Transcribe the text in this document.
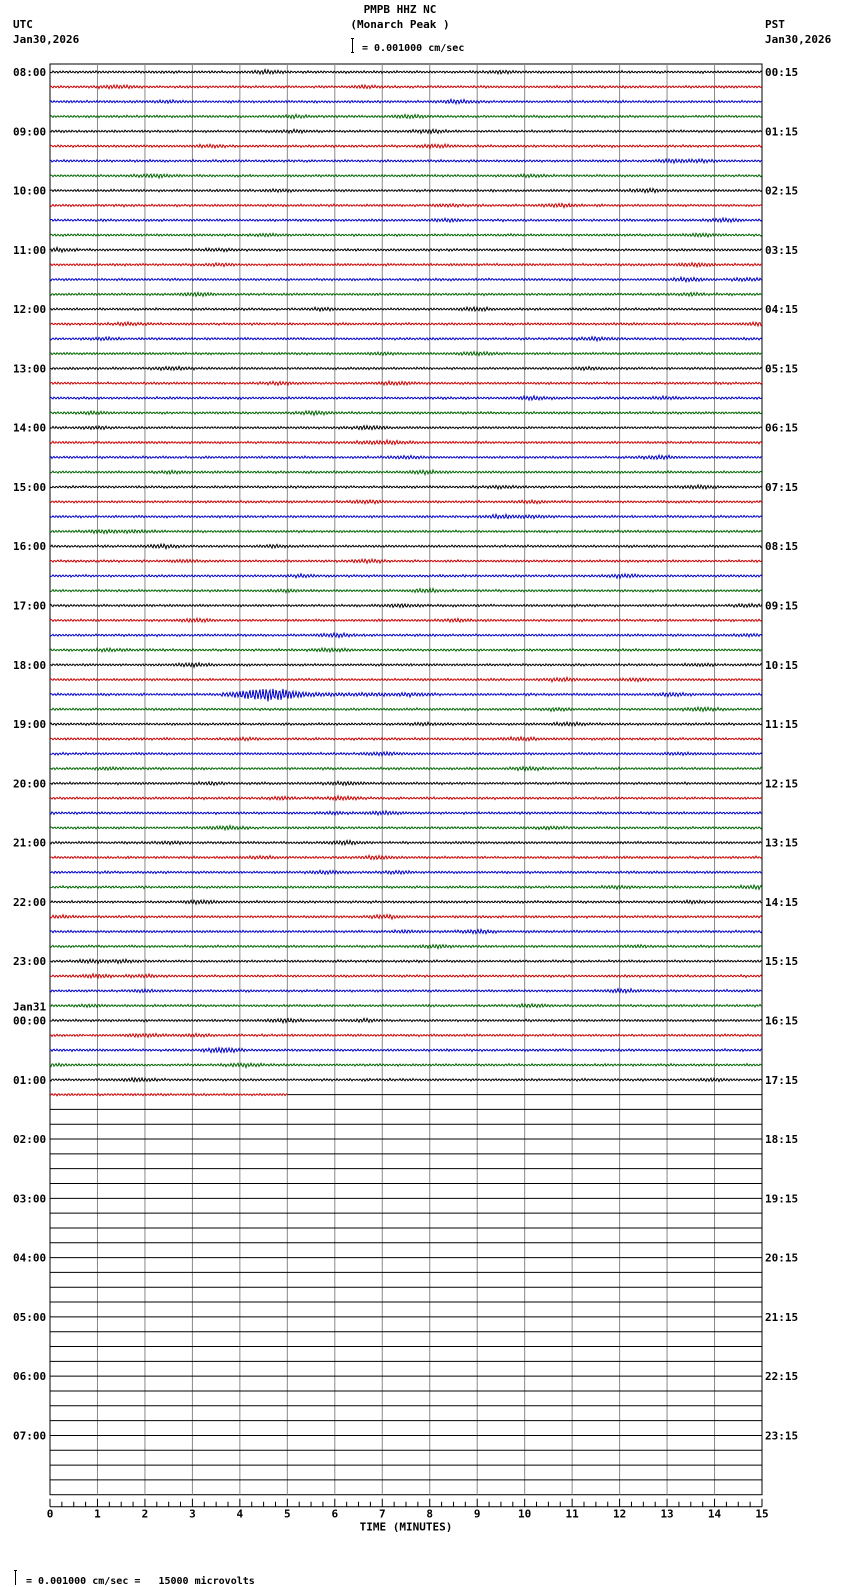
PMPB HHZ NC
(Monarch Peak )
UTC
Jan30,2026
PST
Jan30,2026
= 0.001000 cm/sec
0	1	2	3	4	5	6	7	8	9	10	11	12	13	14	15
TIME (MINUTES)
08:00
09:00
10:00
11:00
12:00
13:00
14:00
15:00
16:00
17:00
18:00
19:00
20:00
21:00
22:00
23:00
00:00
01:00
02:00
03:00
04:00
05:00
06:00
07:00
Jan31
00:15
01:15
02:15
03:15
04:15
05:15
06:15
07:15
08:15
09:15
10:15
11:15
12:15
13:15
14:15
15:15
16:15
17:15
18:15
19:15
20:15
21:15
22:15
23:15
= 0.001000 cm/sec =   15000 microvolts
